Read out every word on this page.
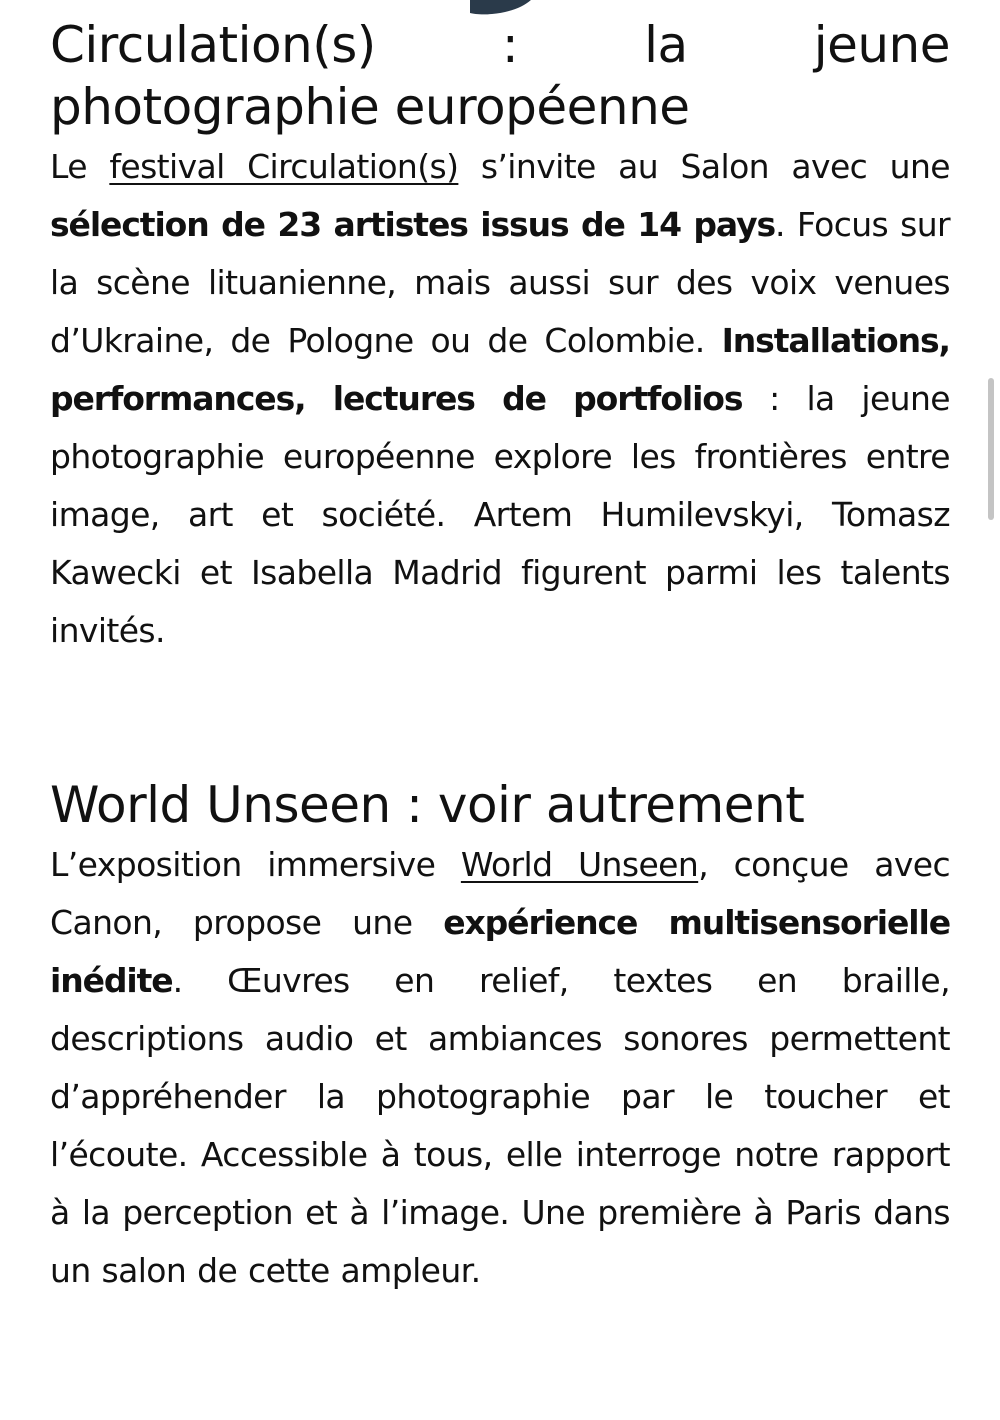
Circulation(s) : la jeune photographie européenne

Le festival Circulation(s) s’invite au Salon avec une sélection de 23 artistes issus de 14 pays. Focus sur la scène lituanienne, mais aussi sur des voix venues d’Ukraine, de Pologne ou de Colombie. Installations, performances, lectures de portfolios : la jeune photographie européenne explore les frontières entre image, art et société. Artem Humilevskyi, Tomasz Kawecki et Isabella Madrid figurent parmi les talents invités.

World Unseen : voir autrement

L’exposition immersive World Unseen, conçue avec Canon, propose une expérience multisensorielle inédite. Œuvres en relief, textes en braille, descriptions audio et ambiances sonores permettent d’appréhender la photographie par le toucher et l’écoute. Accessible à tous, elle interroge notre rapport à la perception et à l’image. Une première à Paris dans un salon de cette ampleur.
